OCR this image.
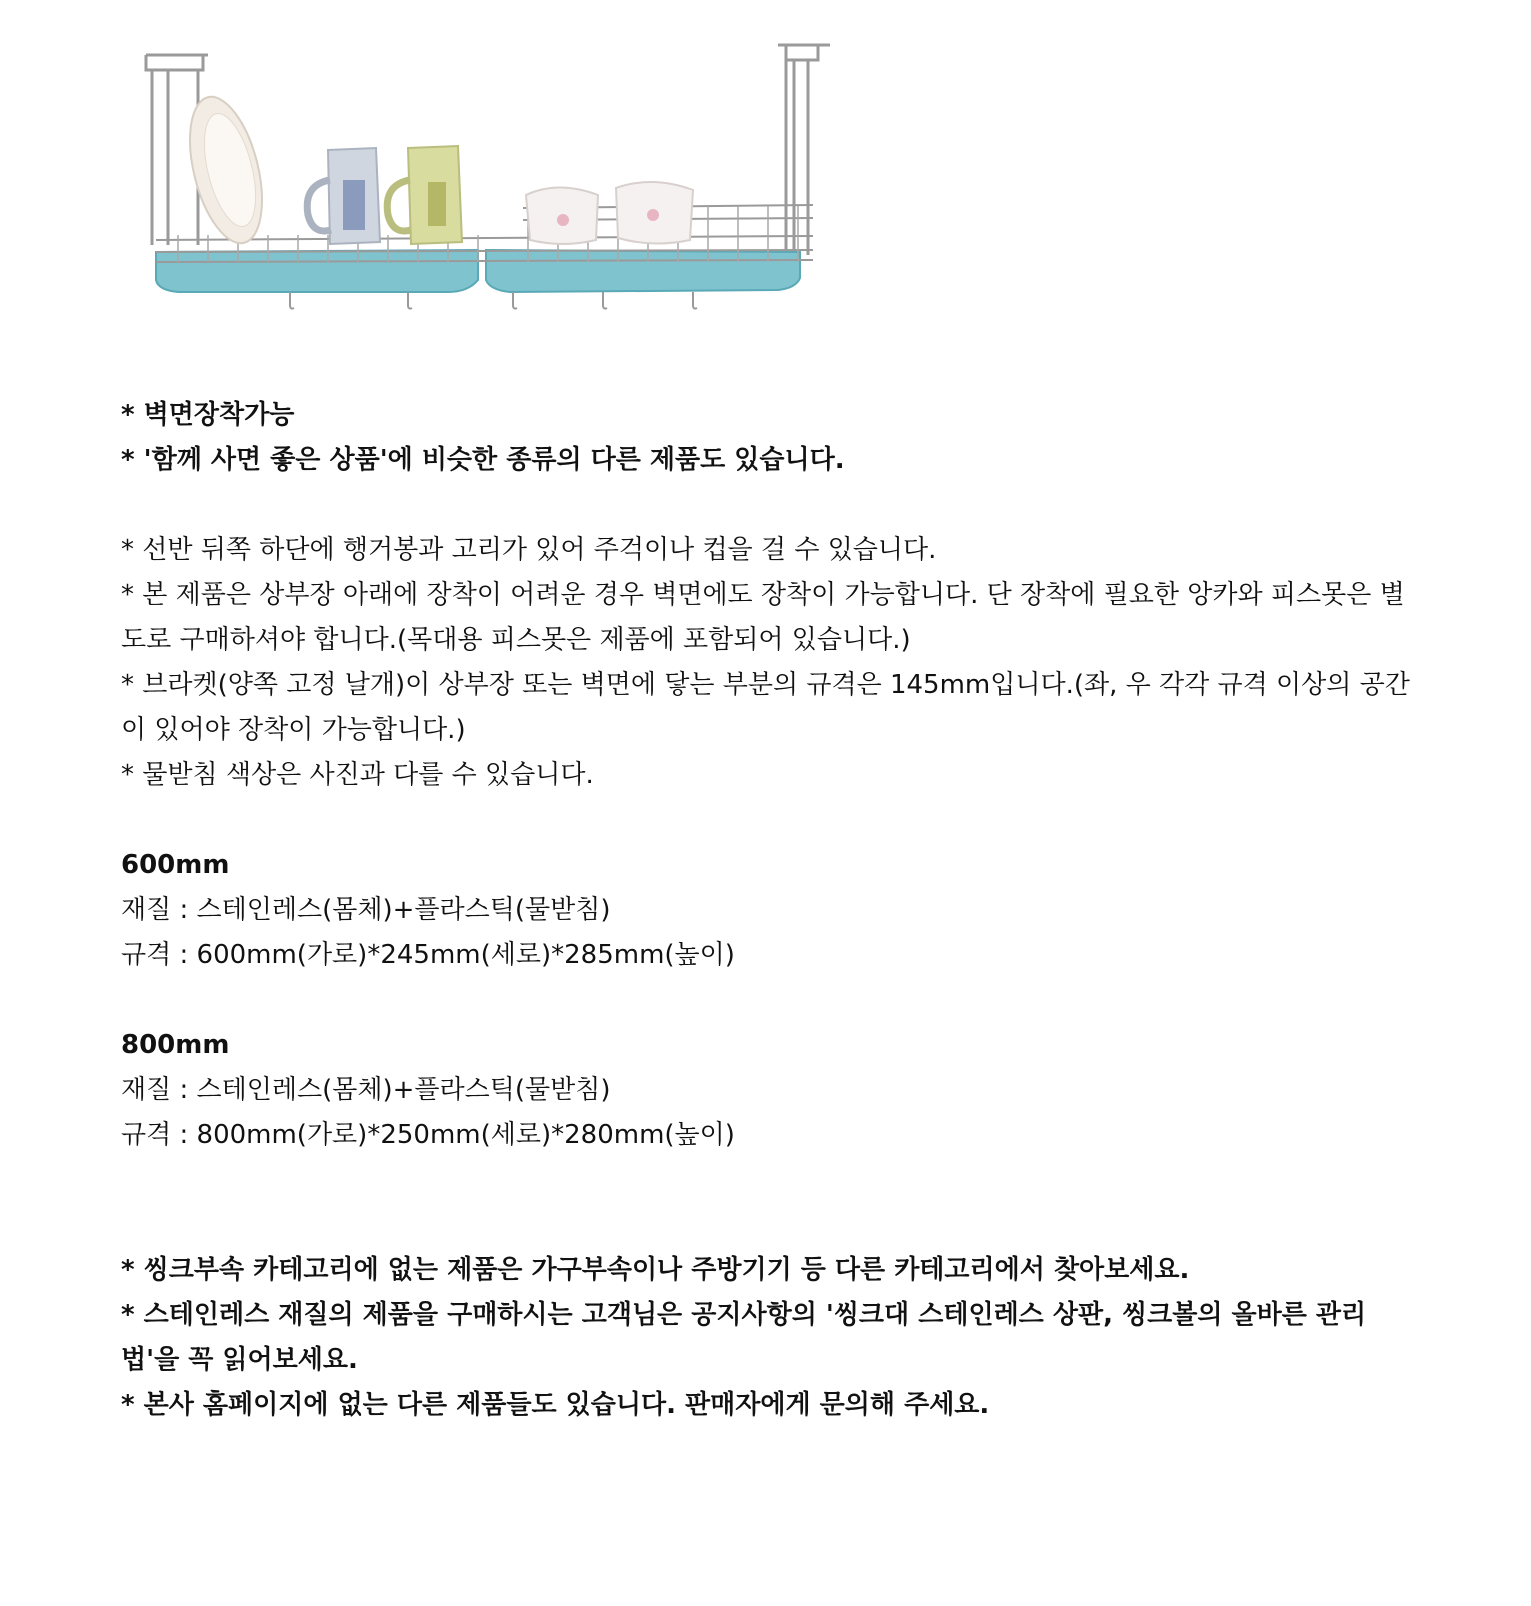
* 벽면장착가능
* '함께 사면 좋은 상품'에 비슷한 종류의 다른 제품도 있습니다.
* 선반 뒤쪽 하단에 행거봉과 고리가 있어 주걱이나 컵을 걸 수 있습니다.
* 본 제품은 상부장 아래에 장착이 어려운 경우 벽면에도 장착이 가능합니다. 단 장착에 필요한 앙카와 피스못은 별도로 구매하셔야 합니다.(목대용 피스못은 제품에 포함되어 있습니다.)
* 브라켓(양쪽 고정 날개)이 상부장 또는 벽면에 닿는 부분의 규격은 145mm입니다.(좌, 우 각각 규격 이상의 공간이 있어야 장착이 가능합니다.)
* 물받침 색상은 사진과 다를 수 있습니다.
600mm
재질 : 스테인레스(몸체)+플라스틱(물받침)
규격 : 600mm(가로)*245mm(세로)*285mm(높이)
800mm
재질 : 스테인레스(몸체)+플라스틱(물받침)
규격 : 800mm(가로)*250mm(세로)*280mm(높이)
* 씽크부속 카테고리에 없는 제품은 가구부속이나 주방기기 등 다른 카테고리에서 찾아보세요.
* 스테인레스 재질의 제품을 구매하시는 고객님은 공지사항의 '씽크대 스테인레스 상판, 씽크볼의 올바른 관리법'을 꼭 읽어보세요.
* 본사 홈페이지에 없는 다른 제품들도 있습니다. 판매자에게 문의해 주세요.
